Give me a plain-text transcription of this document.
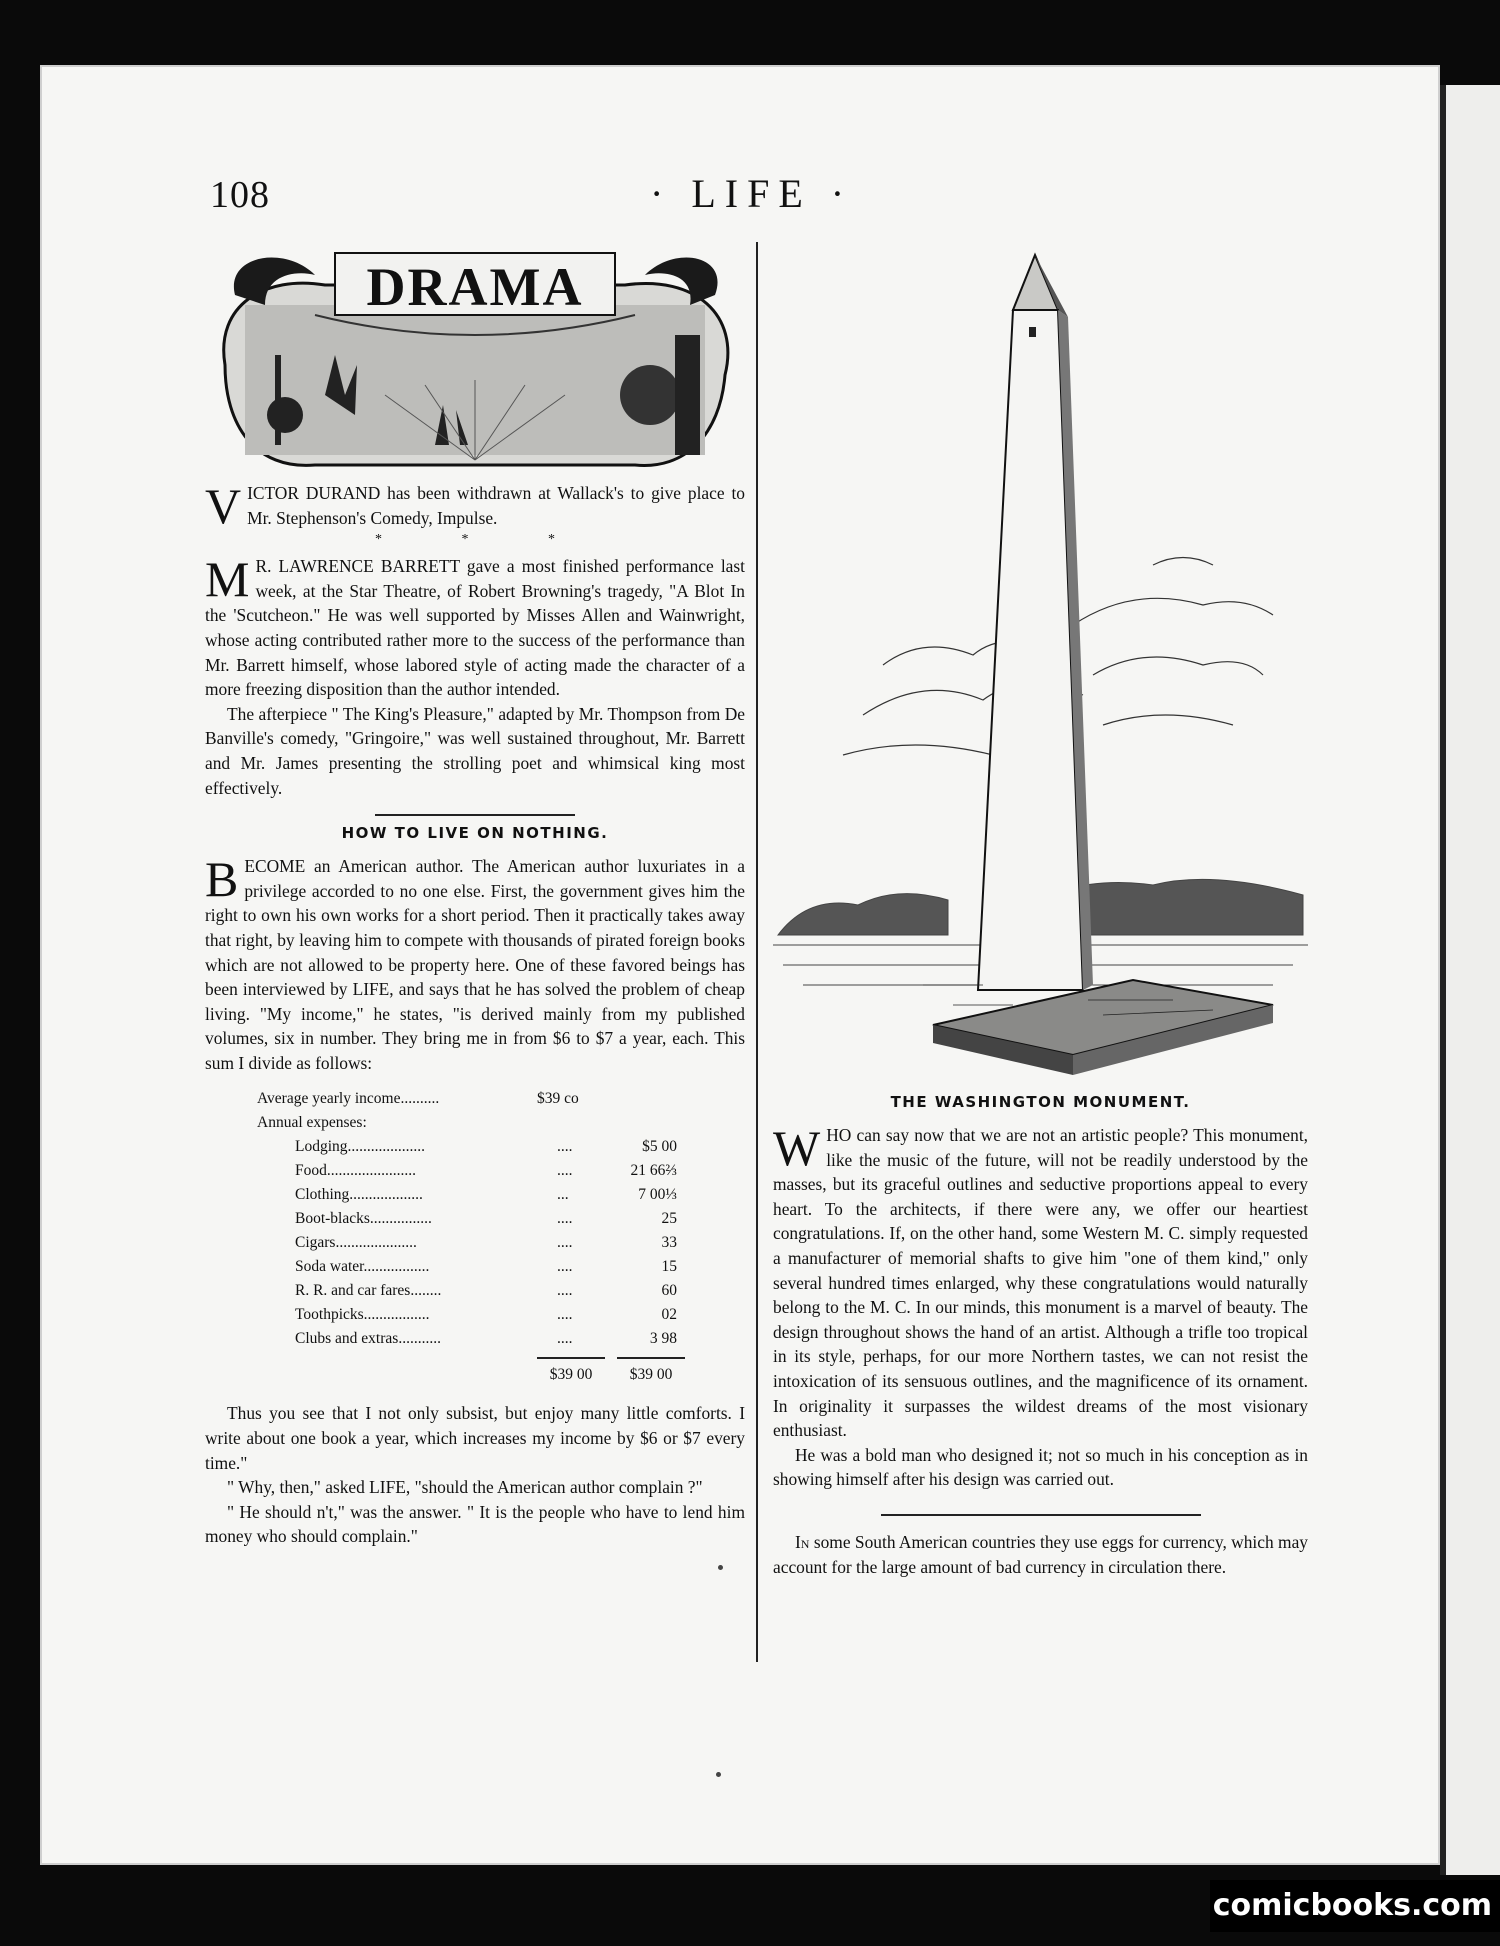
108	· LIFE ·
DRAMA

VICTOR DURAND has been withdrawn at Wallack's to give place to Mr. Stephenson's Comedy, Impulse.

* * *

M R. LAWRENCE BARRETT gave a most finished performance last week, at the Star Theatre, of Robert Browning's tragedy, "A Blot In the 'Scutcheon." He was well supported by Misses Allen and Wainwright, whose acting contributed rather more to the success of the performance than Mr. Barrett himself, whose labored style of acting made the character of a more freezing disposition than the author intended.

The afterpiece " The King's Pleasure," adapted by Mr. Thompson from De Banville's comedy, "Gringoire," was well sustained throughout, Mr. Barrett and Mr. James presenting the strolling poet and whimsical king most effectively.

HOW TO LIVE ON NOTHING.

BECOME an American author. The American author luxuriates in a privilege accorded to no one else. First, the government gives him the right to own his own works for a short period. Then it practically takes away that right, by leaving him to compete with thousands of pirated foreign books which are not allowed to be property here. One of these favored beings has been interviewed by LIFE, and says that he has solved the problem of cheap living. "My income," he states, "is derived mainly from my published volumes, six in number. They bring me in from $6 to $7 a year, each. This sum I divide as follows:

Average yearly income..........	$39 co
Annual expenses:
Lodging....................	....	$5 00
Food.......................	....	21 66⅔
Clothing...................	...	7 00⅓
Boot-blacks................	....	25
Cigars.....................	....	33
Soda water.................	....	15
R. R. and car fares........	....	60
Toothpicks.................	....	02
Clubs and extras...........	....	3 98
$39 00	$39 00

Thus you see that I not only subsist, but enjoy many little comforts. I write about one book a year, which increases my income by $6 or $7 every time."

" Why, then," asked LIFE, "should the American author complain ?"

" He should n't," was the answer. " It is the people who have to lend him money who should complain."

THE WASHINGTON MONUMENT.

WHO can say now that we are not an artistic people? This monument, like the music of the future, will not be readily understood by the masses, but its graceful outlines and seductive proportions appeal to every heart. To the architects, if there were any, we offer our heartiest congratulations. If, on the other hand, some Western M. C. simply requested a manufacturer of memorial shafts to give him "one of them kind," only several hundred times enlarged, why these congratulations would naturally belong to the M. C. In our minds, this monument is a marvel of beauty. The design throughout shows the hand of an artist. Although a trifle too tropical in its style, perhaps, for our more Northern tastes, we can not resist the intoxication of its sensuous outlines, and the magnificence of its ornament. In originality it surpasses the wildest dreams of the most visionary enthusiast.

He was a bold man who designed it; not so much in his conception as in showing himself after his design was carried out.

In some South American countries they use eggs for currency, which may account for the large amount of bad currency in circulation there.

comicbooks.com
